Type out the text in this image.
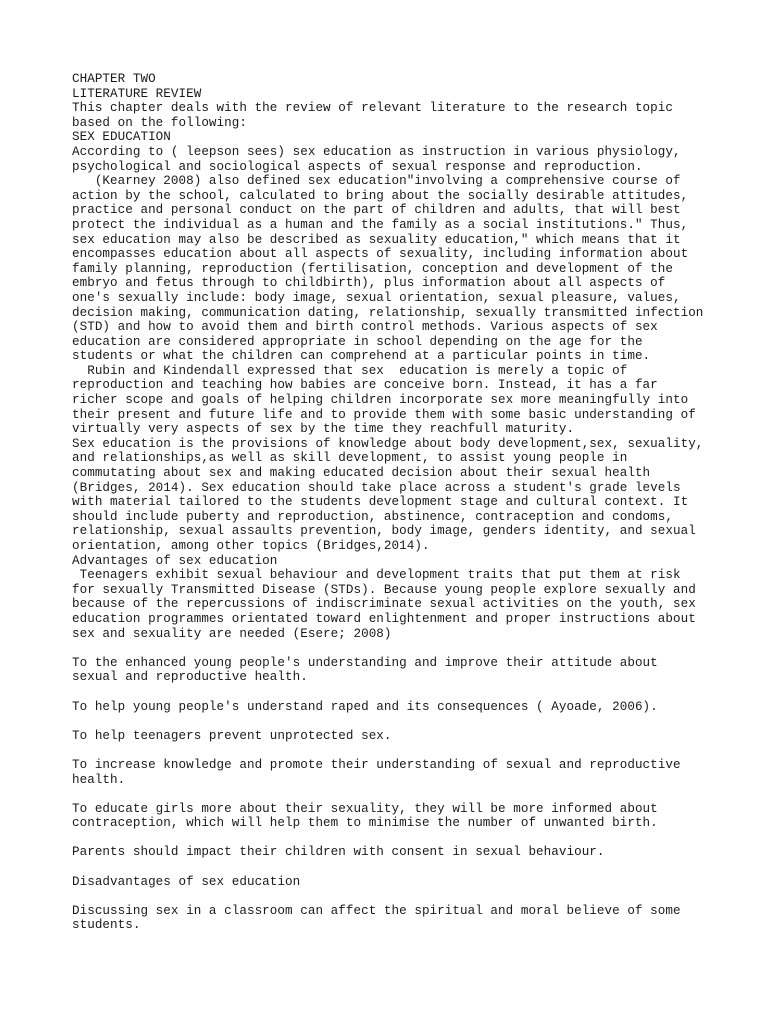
CHAPTER TWO
LITERATURE REVIEW
This chapter deals with the review of relevant literature to the research topic
based on the following:
SEX EDUCATION
According to ( leepson sees) sex education as instruction in various physiology,
psychological and sociological aspects of sexual response and reproduction.
(Kearney 2008) also defined sex education"involving a comprehensive course of
action by the school, calculated to bring about the socially desirable attitudes,
practice and personal conduct on the part of children and adults, that will best
protect the individual as a human and the family as a social institutions." Thus,
sex education may also be described as sexuality education," which means that it
encompasses education about all aspects of sexuality, including information about
family planning, reproduction (fertilisation, conception and development of the
embryo and fetus through to childbirth), plus information about all aspects of
one's sexually include: body image, sexual orientation, sexual pleasure, values,
decision making, communication dating, relationship, sexually transmitted infection
(STD) and how to avoid them and birth control methods. Various aspects of sex
education are considered appropriate in school depending on the age for the
students or what the children can comprehend at a particular points in time.
Rubin and Kindendall expressed that sex  education is merely a topic of
reproduction and teaching how babies are conceive born. Instead, it has a far
richer scope and goals of helping children incorporate sex more meaningfully into
their present and future life and to provide them with some basic understanding of
virtually very aspects of sex by the time they reachfull maturity.
Sex education is the provisions of knowledge about body development,sex, sexuality,
and relationships,as well as skill development, to assist young people in
commutating about sex and making educated decision about their sexual health
(Bridges, 2014). Sex education should take place across a student's grade levels
with material tailored to the students development stage and cultural context. It
should include puberty and reproduction, abstinence, contraception and condoms,
relationship, sexual assaults prevention, body image, genders identity, and sexual
orientation, among other topics (Bridges,2014).
Advantages of sex education
Teenagers exhibit sexual behaviour and development traits that put them at risk
for sexually Transmitted Disease (STDs). Because young people explore sexually and
because of the repercussions of indiscriminate sexual activities on the youth, sex
education programmes orientated toward enlightenment and proper instructions about
sex and sexuality are needed (Esere; 2008)
To the enhanced young people's understanding and improve their attitude about
sexual and reproductive health.
To help young people's understand raped and its consequences ( Ayoade, 2006).
To help teenagers prevent unprotected sex.
To increase knowledge and promote their understanding of sexual and reproductive
health.
To educate girls more about their sexuality, they will be more informed about
contraception, which will help them to minimise the number of unwanted birth.
Parents should impact their children with consent in sexual behaviour.
Disadvantages of sex education
Discussing sex in a classroom can affect the spiritual and moral believe of some
students.
